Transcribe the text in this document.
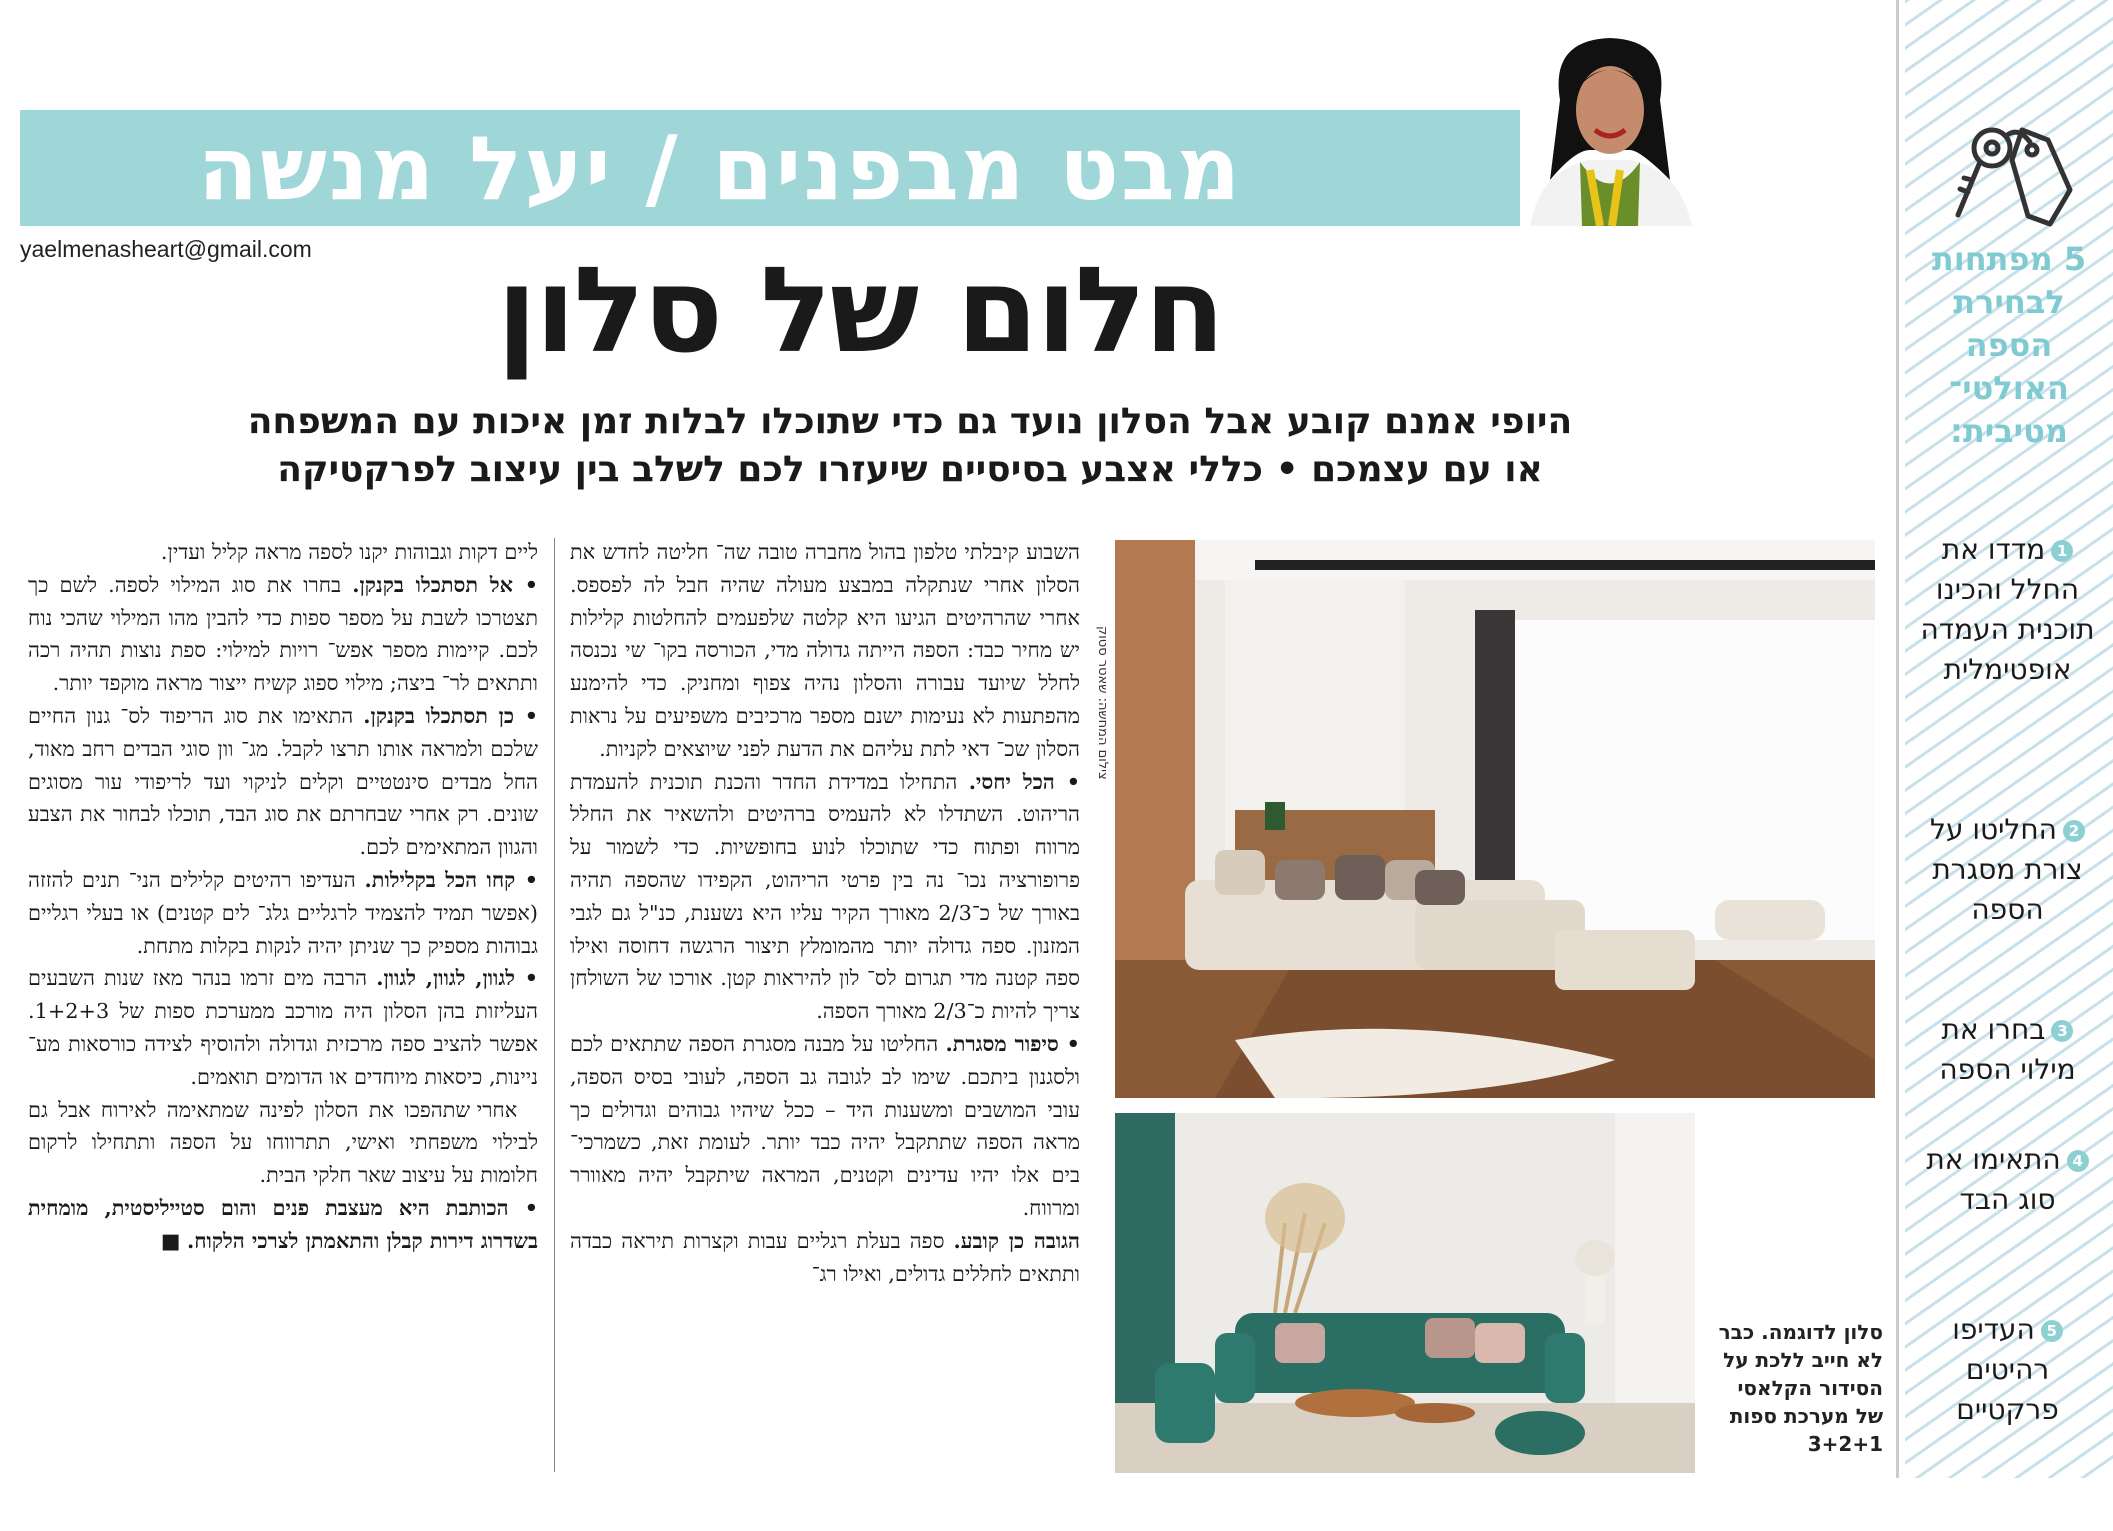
מבט מבפנים / יעל מנשה
yaelmenasheart@gmail.com	חלום של סלון
היופי אמנם קובע אבל הסלון נועד גם כדי שתוכלו לבלות זמן איכות עם המשפחה
או עם עצמכם • כללי אצבע בסיסיים שיעזרו לכם לשלב בין עיצוב לפרקטיקה

השבוע קיבלתי טלפון בהול מחברה טובה שה־ חליטה לחדש את הסלון אחרי שנתקלה במבצע מעולה שהיה חבל לה לפספס. אחרי שהרהיטים הגיעו היא קלטה שלפעמים להחלטות קלילות יש מחיר כבד: הספה הייתה גדולה מדי, הכורסה בקו־ שי נכנסה לחלל שיועד עבורה והסלון נהיה צפוף ומחניק. כדי להימנע מהפתעות לא נעימות ישנם מספר מרכיבים משפיעים על נראות הסלון שכ־ דאי לתת עליהם את הדעת לפני שיוצאים לקניות.

• הכל יחסי. התחילו במדידת החדר והכנת תוכנית להעמדת הריהוט. השתדלו לא להעמיס ברהיטים ולהשאיר את החלל מרווח ופתוח כדי שתוכלו לנוע בחופשיות. כדי לשמור על פרופורציה נכו־ נה בין פרטי הריהוט, הקפידו שהספה תהיה באורך של כ־2/3 מאורך הקיר עליו היא נשענת, כנ"ל גם לגבי המזנון. ספה גדולה יותר מהמומלץ תיצור הרגשה דחוסה ואילו ספה קטנה מדי תגרום לס־ לון להיראות קטן. אורכו של השולחן צריך להיות כ־2/3 מאורך הספה.

• סיפור מסגרת. החליטו על מבנה מסגרת הספה שתתאים לכם ולסגנון ביתכם. שימו לב לגובה גב הספה, לעובי בסיס הספה, עובי המושבים ומשענות היד – ככל שיהיו גבוהים וגדולים כך מראה הספה שתתקבל יהיה כבד יותר. לעומת זאת, כשמרכי־ בים אלו יהיו עדינים וקטנים, המראה שיתקבל יהיה מאוורר ומרווח.

הגובה כן קובע. ספה בעלת רגליים עבות וקצרות תיראה כבדה ותתאים לחללים גדולים, ואילו רג־

ליים דקות וגבוהות יקנו לספה מראה קליל ועדין.

• אל תסתכלו בקנקן. בחרו את סוג המילוי לספה. לשם כך תצטרכו לשבת על מספר ספות כדי להבין מהו המילוי שהכי נוח לכם. קיימות מספר אפש־ רויות למילוי: ספת נוצות תהיה רכה ותתאים לר־ ביצה; מילוי ספוג קשיח ייצור מראה מוקפד יותר.

• כן תסתכלו בקנקן. התאימו את סוג הריפוד לס־ גנון החיים שלכם ולמראה אותו תרצו לקבל. מג־ וון סוגי הבדים רחב מאוד, החל מבדים סינטטיים וקלים לניקוי ועד לריפודי עור מסוגים שונים. רק אחרי שבחרתם את סוג הבד, תוכלו לבחור את הצבע והגוון המתאימים לכם.

• קחו הכל בקלילות. העדיפו רהיטים קלילים הני־ תנים להזזה (אפשר תמיד להצמיד לרגליים גלג־ לים קטנים) או בעלי רגליים גבוהות מספיק כך שניתן יהיה לנקות בקלות מתחת.

• לגוון, לגוון, לגוון. הרבה מים זרמו בנהר מאז שנות השבעים העליזות בהן הסלון היה מורכב ממערכת ספות של 1+2+3. אפשר להציב ספה מרכזית וגדולה ולהוסיף לצידה כורסאות מע־ ניינות, כיסאות מיוחדים או הדומים תואמים.

אחרי שתהפכו את הסלון לפינה שמתאימה לאירוח אבל גם לבילוי משפחתי ואישי, תתרווחו על הספה ותתחילו לרקום חלומות על עיצוב שאר חלקי הבית.

• הכותבת היא מעצבת פנים והום סטייליסטית, מומחית בשדרוג דירות קבלן והתאמתן לצרכי הלקוח. ■

צילום המחשה: שאטר סטוק
סלון לדוגמה. כבר לא חייב ללכת על הסידור הקלאסי של מערכת ספות 3+2+1
5 מפתחות לבחירת הספה האולטי־ מטיבית:
1מדדו את החלל והכינו תוכנית העמדה אופטימלית
2החליטו על צורת מסגרת הספה
3בחרו את מילוי הספה
4התאימו את סוג הבד
5העדיפו רהיטים פרקטיים
